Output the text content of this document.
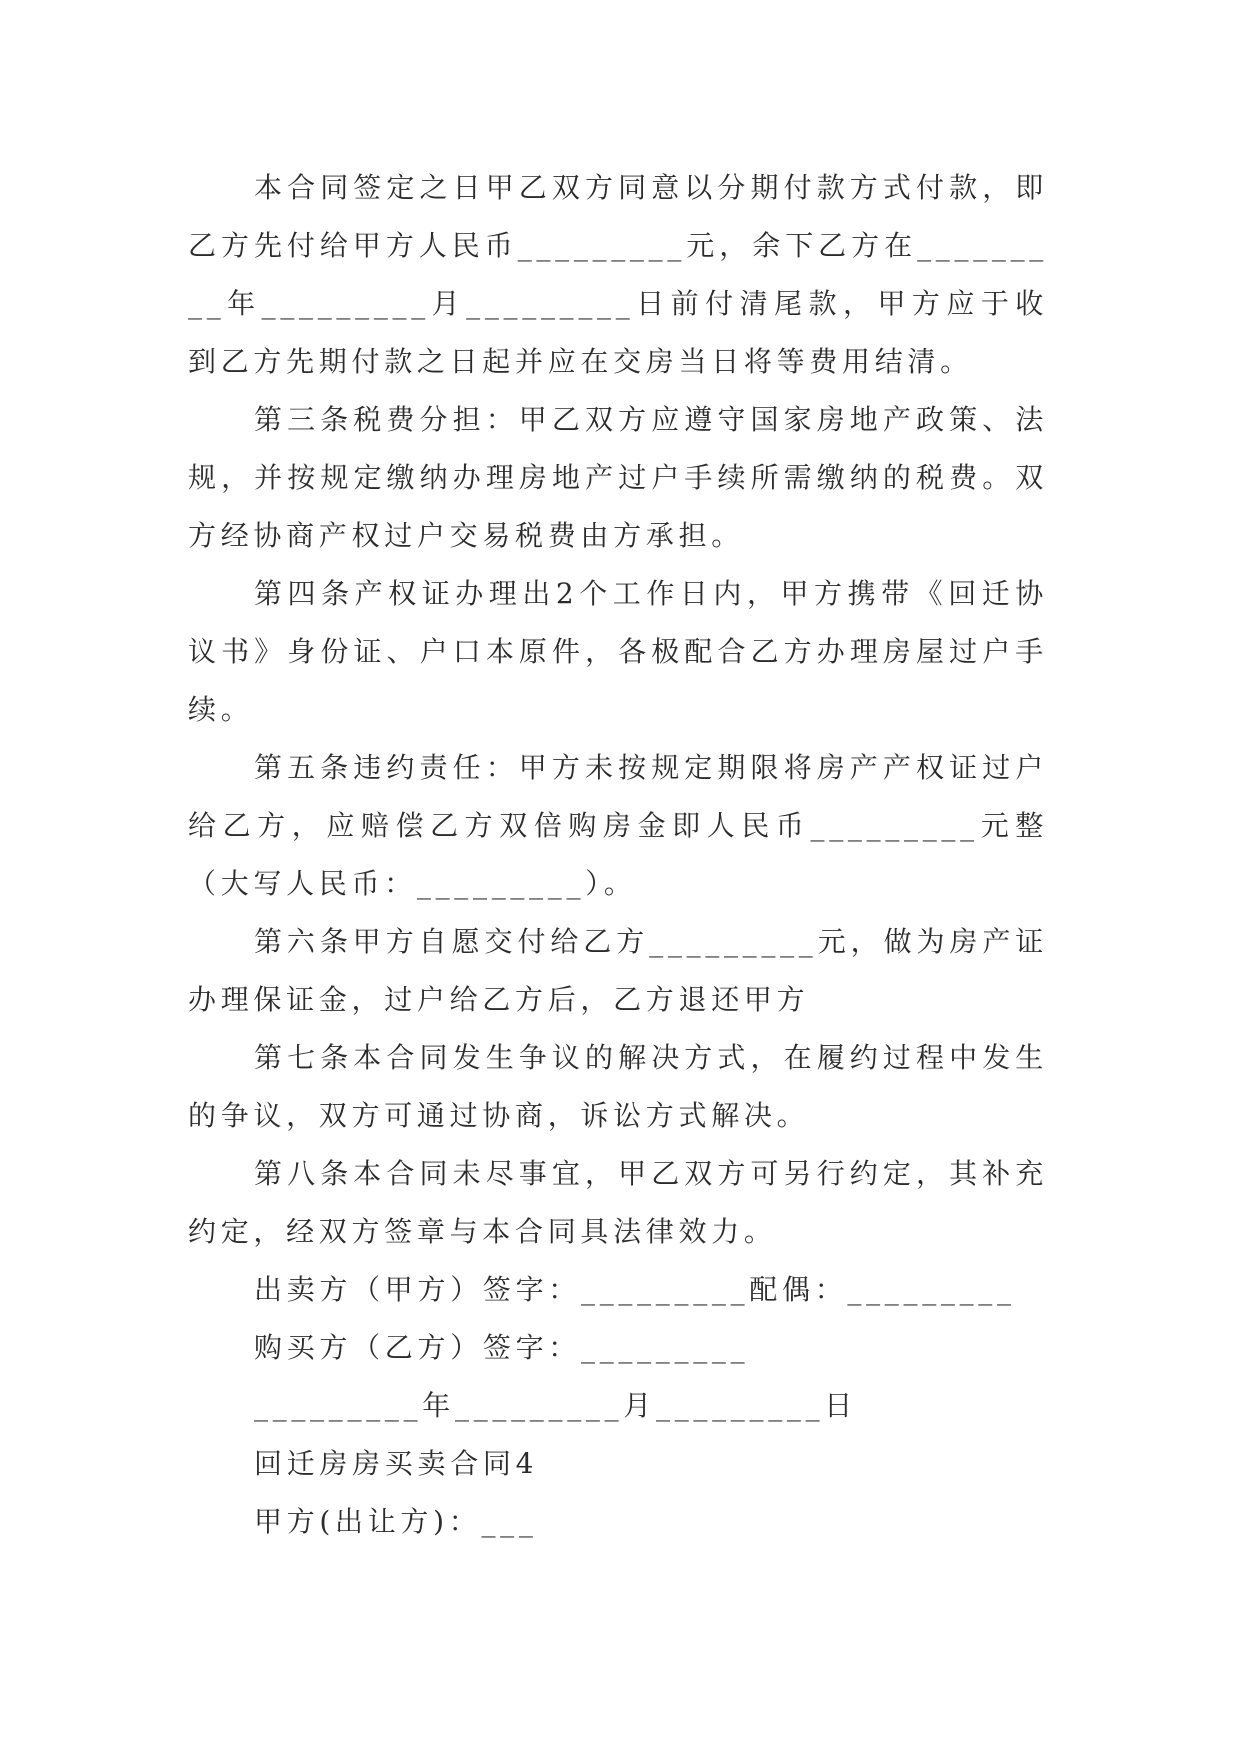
本合同签定之日甲乙双方同意以分期付款方式付款，即乙方先付给甲方人民币_________元，余下乙方在_________年_________月_________日前付清尾款，甲方应于收到乙方先期付款之日起并应在交房当日将等费用结清。

第三条税费分担：甲乙双方应遵守国家房地产政策、法规，并按规定缴纳办理房地产过户手续所需缴纳的税费。双方经协商产权过户交易税费由方承担。

第四条产权证办理出2个工作日内，甲方携带《回迁协议书》身份证、户口本原件，各极配合乙方办理房屋过户手续。

第五条违约责任：甲方未按规定期限将房产产权证过户给乙方，应赔偿乙方双倍购房金即人民币_________元整（大写人民币：_________）。

第六条甲方自愿交付给乙方_________元，做为房产证办理保证金，过户给乙方后，乙方退还甲方

第七条本合同发生争议的解决方式，在履约过程中发生的争议，双方可通过协商，诉讼方式解决。

第八条本合同未尽事宜，甲乙双方可另行约定，其补充约定，经双方签章与本合同具法律效力。

出卖方（甲方）签字：_________配偶：_________

购买方（乙方）签字：_________

_________年_________月_________日

回迁房房买卖合同4

甲方(出让方)：___
